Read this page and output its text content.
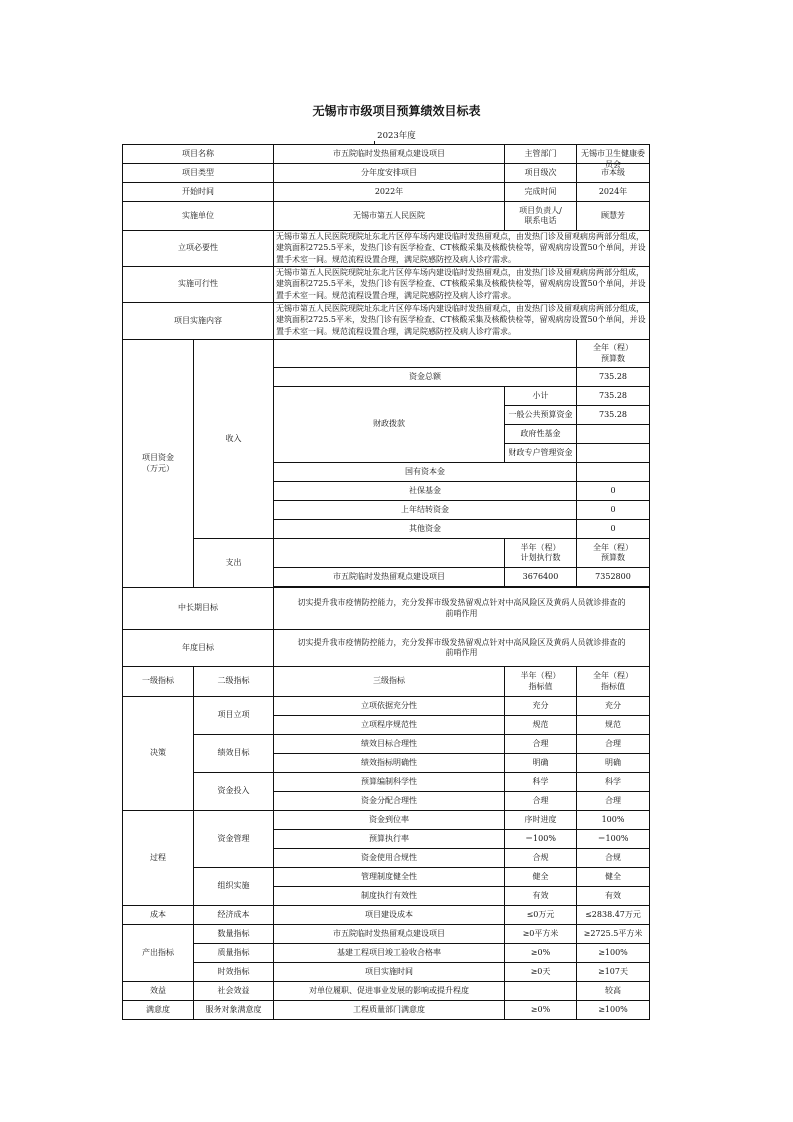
无锡市市级项目预算绩效目标表
2023年度
项目名称		市五院临时发热留观点建设项目	主管部门	无锡市卫生健康委员会

项目类型		分年度安排项目	项目级次	市本级
开始时间		2022年	完成时间	2024年
实施单位		无锡市第五人民医院	项目负责人/
联系电话	顾慧芳
立项必要性		无锡市第五人民医院现院址东北片区停车场内建设临时发热留观点，由发热门诊及留观病房两部分组成，建筑面积2725.5平米，发热门诊有医学检查、CT核酸采集及核酸快检等，留观病房设置50个单间，并设置手术室一间。规范流程设置合理，满足院感防控及病人诊疗需求。		

实施可行性		无锡市第五人民医院现院址东北片区停车场内建设临时发热留观点，由发热门诊及留观病房两部分组成，建筑面积2725.5平米，发热门诊有医学检查、CT核酸采集及核酸快检等，留观病房设置50个单间，并设置手术室一间。规范流程设置合理，满足院感防控及病人诊疗需求。		

项目实施内容		无锡市第五人民医院现院址东北片区停车场内建设临时发热留观点，由发热门诊及留观病房两部分组成，建筑面积2725.5平米，发热门诊有医学检查、CT核酸采集及核酸快检等，留观病房设置50个单间，并设置手术室一间。规范流程设置合理，满足院感防控及病人诊疗需求。		

项目资金
（万元）	收入			全年（程）
预算数
		资金总额		735.28
		财政拨款	小计	735.28
			一般公共预算资金	735.28
			政府性基金	
			财政专户管理资金	
		国有资本金		
		社保基金		0
		上年结转资金		0
		其他资金		0
	支出		半年（程）
计划执行数	全年（程）
预算数
		市五院临时发热留观点建设项目	3676400	7352800

中长期目标		切实提升我市疫情防控能力，充分发挥市级发热留观点针对中高风险区及黄码人员就诊排查的
前哨作用		
年度目标		切实提升我市疫情防控能力，充分发挥市级发热留观点针对中高风险区及黄码人员就诊排查的
前哨作用		
一级指标	二级指标	三级指标	半年（程）
指标值	全年（程）
指标值
决策	项目立项	立项依据充分性	充分	充分
		立项程序规范性	规范	规范
	绩效目标	绩效目标合理性	合理	合理
		绩效指标明确性	明确	明确
	资金投入	预算编制科学性	科学	科学
		资金分配合理性	合理	合理
过程	资金管理	资金到位率	序时进度	100%
		预算执行率	＝100%	＝100%
		资金使用合规性	合规	合规
	组织实施	管理制度健全性	健全	健全
		制度执行有效性	有效	有效
成本	经济成本	项目建设成本	≤0万元	≤2838.47万元
产出指标	数量指标	市五院临时发热留观点建设项目	≥0平方米	≥2725.5平方米
	质量指标	基建工程项目竣工验收合格率	≥0%	≥100%
	时效指标	项目实施时间	≥0天	≥107天
效益	社会效益	对单位履职、促进事业发展的影响或提升程度		较高
满意度	服务对象满意度	工程质量部门满意度	≥0%	≥100%
